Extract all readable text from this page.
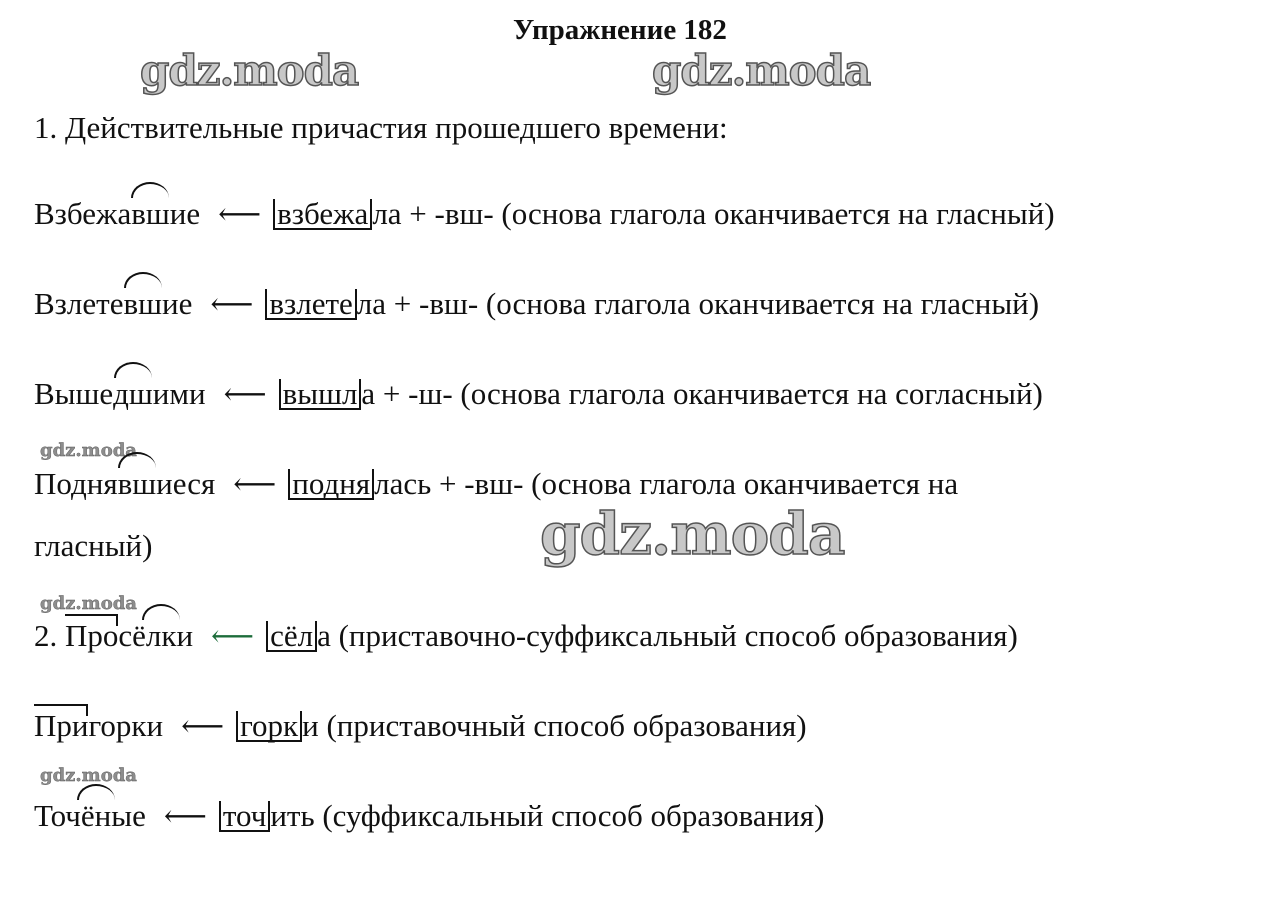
Упражнение 182
gdz.moda	gdz.moda
gdz.moda
gdz.moda
gdz.moda
gdz.moda
1. Действительные причастия прошедшего времени:
Взбежавшие ⟵ взбежа ла + -вш- (основа глагола оканчивается на гласный)
Взлетевшие ⟵ взлете ла + -вш- (основа глагола оканчивается на гласный)
Вышедшими ⟵ вышл а + -ш- (основа глагола оканчивается на согласный)
Поднявшиеся ⟵ подня лась + -вш- (основа глагола оканчивается на
гласный)
2. Просёлки ⟵ сёл а (приставочно-суффиксальный способ образования)
Пригорки ⟵ горк и (приставочный способ образования)
Точёные ⟵ точ ить (суффиксальный способ образования)
